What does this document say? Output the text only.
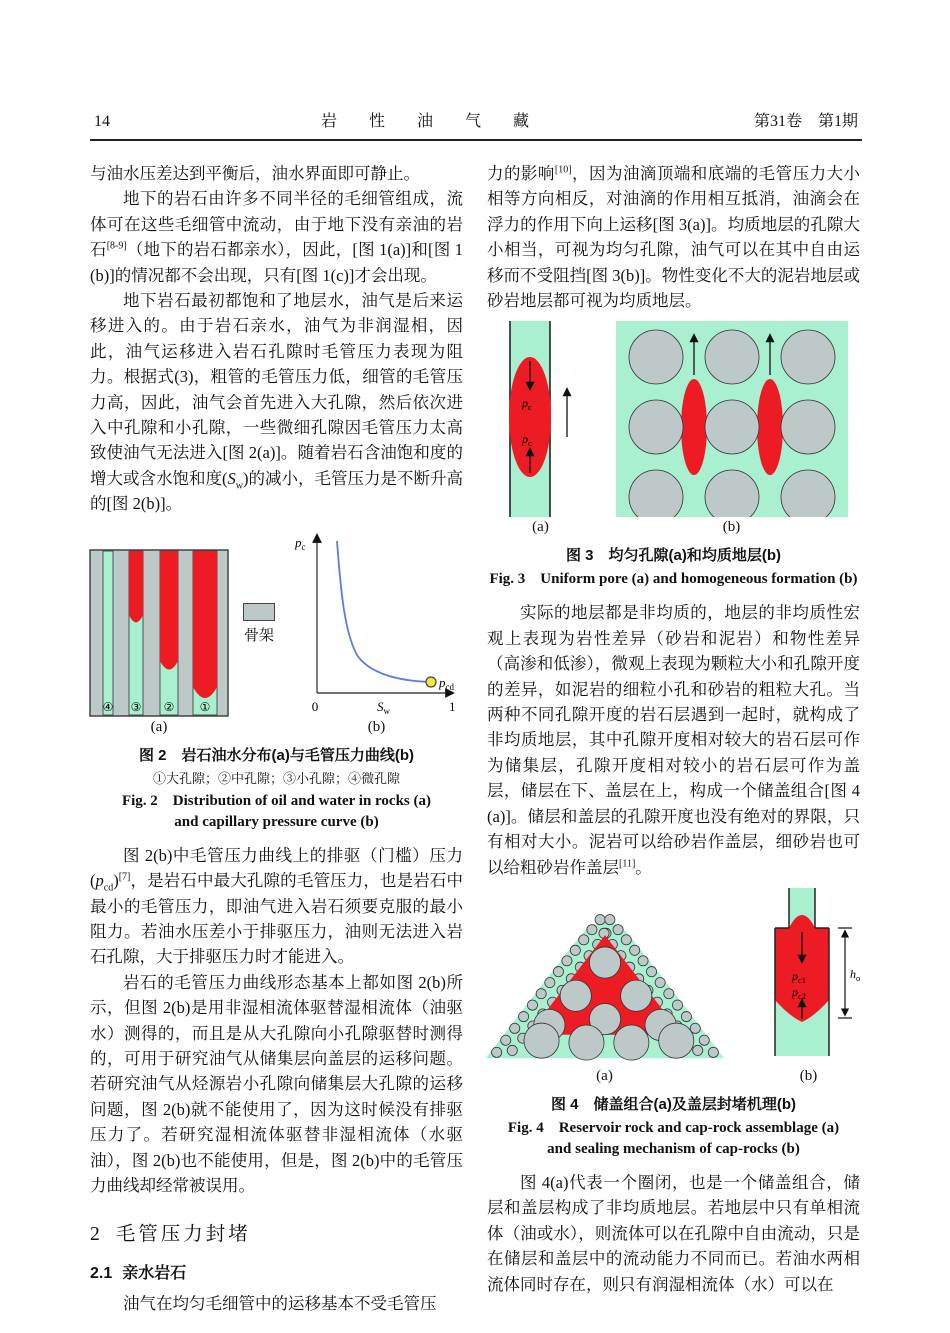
14	岩 性 油 气 藏	第31卷　第1期

与油水压差达到平衡后，油水界面即可静止。

地下的岩石由许多不同半径的毛细管组成，流体可在这些毛细管中流动，由于地下没有亲油的岩石[8-9]（地下的岩石都亲水），因此，[图 1(a)]和[图 1(b)]的情况都不会出现，只有[图 1(c)]才会出现。

地下岩石最初都饱和了地层水，油气是后来运移进入的。由于岩石亲水，油气为非润湿相，因此，油气运移进入岩石孔隙时毛管压力表现为阻力。根据式(3)，粗管的毛管压力低，细管的毛管压力高，因此，油气会首先进入大孔隙，然后依次进入中孔隙和小孔隙，一些微细孔隙因毛管压力太高致使油气无法进入[图 2(a)]。随着岩石含油饱和度的增大或含水饱和度$(S_w)$的减小，毛管压力是不断升高的[图 2(b)]。

④ ③ ② ①
(a)
骨架
$p_c$
$p_{cd}$
0	$S_w$	1
(b)
图 2　岩石油水分布(a)与毛管压力曲线(b)
①大孔隙；②中孔隙；③小孔隙；④微孔隙
Fig. 2　Distribution of oil and water in rocks (a)
and capillary pressure curve (b)

图 2(b)中毛管压力曲线上的排驱（门槛）压力$(p_{cd})[7]$，是岩石中最大孔隙的毛管压力，也是岩石中最小的毛管压力，即油气进入岩石须要克服的最小阻力。若油水压差小于排驱压力，油则无法进入岩石孔隙，大于排驱压力时才能进入。

岩石的毛管压力曲线形态基本上都如图 2(b)所示，但图 2(b)是用非湿相流体驱替湿相流体（油驱水）测得的，而且是从大孔隙向小孔隙驱替时测得的，可用于研究油气从储集层向盖层的运移问题。若研究油气从烃源岩小孔隙向储集层大孔隙的运移问题，图 2(b)就不能使用了，因为这时候没有排驱压力了。若研究湿相流体驱替非湿相流体（水驱油），图 2(b)也不能使用，但是，图 2(b)中的毛管压力曲线却经常被误用。

2 毛管压力封堵
2.1 亲水岩石

油气在均匀毛细管中的运移基本不受毛管压

力的影响[10]，因为油滴顶端和底端的毛管压力大小相等方向相反，对油滴的作用相互抵消，油滴会在浮力的作用下向上运移[图 3(a)]。均质地层的孔隙大小相当，可视为均匀孔隙，油气可以在其中自由运移而不受阻挡[图 3(b)]。物性变化不大的泥岩地层或砂岩地层都可视为均质地层。

$p_c$
$p_c$
(a)	(b)
图 3　均匀孔隙(a)和均质地层(b)
Fig. 3　Uniform pore (a) and homogeneous formation (b)

实际的地层都是非均质的，地层的非均质性宏观上表现为岩性差异（砂岩和泥岩）和物性差异（高渗和低渗），微观上表现为颗粒大小和孔隙开度的差异，如泥岩的细粒小孔和砂岩的粗粒大孔。当两种不同孔隙开度的岩石层遇到一起时，就构成了非均质地层，其中孔隙开度相对较大的岩石层可作为储集层，孔隙开度相对较小的岩石层可作为盖层，储层在下、盖层在上，构成一个储盖组合[图 4(a)]。储层和盖层的孔隙开度也没有绝对的界限，只有相对大小。泥岩可以给砂岩作盖层，细砂岩也可以给粗砂岩作盖层[11]。

(a)
$p_{c1}$
$p_{c2}$
$h_o$
(b)
图 4　储盖组合(a)及盖层封堵机理(b)
Fig. 4　Reservoir rock and cap-rock assemblage (a)
and sealing mechanism of cap-rocks (b)

图 4(a)代表一个圈闭，也是一个储盖组合，储层和盖层构成了非均质地层。若地层中只有单相流体（油或水），则流体可以在孔隙中自由流动，只是在储层和盖层中的流动能力不同而已。若油水两相流体同时存在，则只有润湿相流体（水）可以在
